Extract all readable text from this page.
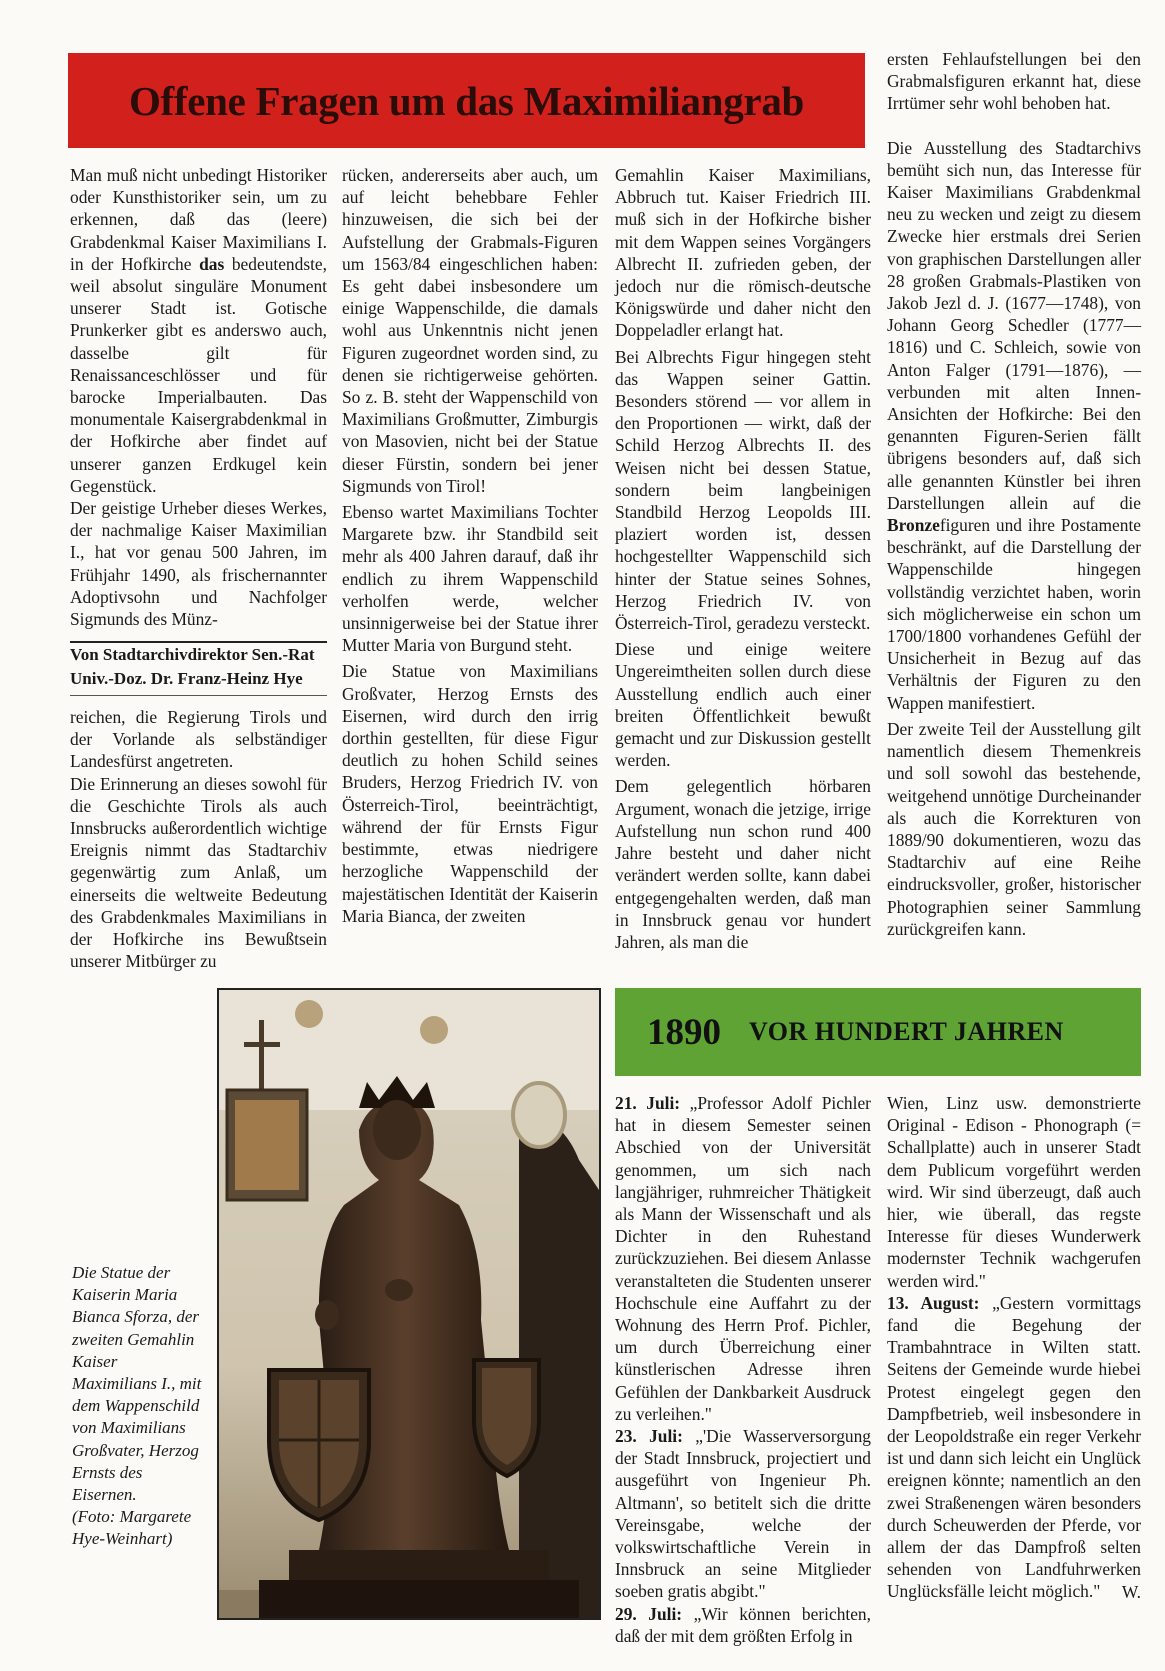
Offene Fragen um das Maximiliangrab

Man muß nicht unbedingt Historiker oder Kunsthistoriker sein, um zu erkennen, daß das (leere) Grabdenkmal Kaiser Maximilians I. in der Hofkirche das bedeutendste, weil absolut singuläre Monument unserer Stadt ist. Gotische Prunkerker gibt es anderswo auch, dasselbe gilt für Renaissanceschlösser und für barocke Imperialbauten. Das monumentale Kaisergrabdenkmal in der Hofkirche aber findet auf unserer ganzen Erdkugel kein Gegenstück.

Der geistige Urheber dieses Werkes, der nachmalige Kaiser Maximilian I., hat vor genau 500 Jahren, im Frühjahr 1490, als frischernannter Adoptivsohn und Nachfolger Sigmunds des Münz-

Von Stadtarchivdirektor Sen.-Rat
Univ.-Doz. Dr. Franz-Heinz Hye

reichen, die Regierung Tirols und der Vorlande als selbständiger Landesfürst angetreten.

Die Erinnerung an dieses sowohl für die Geschichte Tirols als auch Innsbrucks außerordentlich wichtige Ereignis nimmt das Stadtarchiv gegenwärtig zum Anlaß, um einerseits die weltweite Bedeutung des Grabdenkmales Maximilians in der Hofkirche ins Bewußtsein unserer Mitbürger zu

rücken, andererseits aber auch, um auf leicht behebbare Fehler hinzuweisen, die sich bei der Aufstellung der Grabmals-Figuren um 1563/84 eingeschlichen haben: Es geht dabei insbesondere um einige Wappenschilde, die damals wohl aus Unkenntnis nicht jenen Figuren zugeordnet worden sind, zu denen sie richtigerweise gehörten. So z. B. steht der Wappenschild von Maximilians Großmutter, Zimburgis von Masovien, nicht bei der Statue dieser Fürstin, sondern bei jener Sigmunds von Tirol!

Ebenso wartet Maximilians Tochter Margarete bzw. ihr Standbild seit mehr als 400 Jahren darauf, daß ihr endlich zu ihrem Wappenschild verholfen werde, welcher unsinnigerweise bei der Statue ihrer Mutter Maria von Burgund steht.

Die Statue von Maximilians Großvater, Herzog Ernsts des Eisernen, wird durch den irrig dorthin gestellten, für diese Figur deutlich zu hohen Schild seines Bruders, Herzog Friedrich IV. von Österreich-Tirol, beeinträchtigt, während der für Ernsts Figur bestimmte, etwas niedrigere herzogliche Wappenschild der majestätischen Identität der Kaiserin Maria Bianca, der zweiten

Gemahlin Kaiser Maximilians, Abbruch tut. Kaiser Friedrich III. muß sich in der Hofkirche bisher mit dem Wappen seines Vorgängers Albrecht II. zufrieden geben, der jedoch nur die römisch-deutsche Königswürde und daher nicht den Doppeladler erlangt hat.

Bei Albrechts Figur hingegen steht das Wappen seiner Gattin. Besonders störend — vor allem in den Proportionen — wirkt, daß der Schild Herzog Albrechts II. des Weisen nicht bei dessen Statue, sondern beim langbeinigen Standbild Herzog Leopolds III. plaziert worden ist, dessen hochgestellter Wappenschild sich hinter der Statue seines Sohnes, Herzog Friedrich IV. von Österreich-Tirol, geradezu versteckt.

Diese und einige weitere Ungereimtheiten sollen durch diese Ausstellung endlich auch einer breiten Öffentlichkeit bewußt gemacht und zur Diskussion gestellt werden.

Dem gelegentlich hörbaren Argument, wonach die jetzige, irrige Aufstellung nun schon rund 400 Jahre besteht und daher nicht verändert werden sollte, kann dabei entgegengehalten werden, daß man in Innsbruck genau vor hundert Jahren, als man die

ersten Fehlaufstellungen bei den Grabmalsfiguren erkannt hat, diese Irrtümer sehr wohl behoben hat.

Die Ausstellung des Stadtarchivs bemüht sich nun, das Interesse für Kaiser Maximilians Grabdenkmal neu zu wecken und zeigt zu diesem Zwecke hier erstmals drei Serien von graphischen Darstellungen aller 28 großen Grabmals-Plastiken von Jakob Jezl d. J. (1677—1748), von Johann Georg Schedler (1777—1816) und C. Schleich, sowie von Anton Falger (1791—1876), — verbunden mit alten Innen-Ansichten der Hofkirche: Bei den genannten Figuren-Serien fällt übrigens besonders auf, daß sich alle genannten Künstler bei ihren Darstellungen allein auf die Bronzefiguren und ihre Postamente beschränkt, auf die Darstellung der Wappenschilde hingegen vollständig verzichtet haben, worin sich möglicherweise ein schon um 1700/1800 vorhandenes Gefühl der Unsicherheit in Bezug auf das Verhältnis der Figuren zu den Wappen manifestiert.

Der zweite Teil der Ausstellung gilt namentlich diesem Themenkreis und soll sowohl das bestehende, weitgehend unnötige Durcheinander als auch die Korrekturen von 1889/90 dokumentieren, wozu das Stadtarchiv auf eine Reihe eindrucksvoller, großer, historischer Photographien seiner Sammlung zurückgreifen kann.

Die Statue der Kaiserin Maria Bianca Sforza, der zweiten Gemahlin Kaiser Maximilians I., mit dem Wappenschild von Maximilians Großvater, Herzog Ernsts des Eisernen.
(Foto: Margarete Hye-Weinhart)
1890 VOR HUNDERT JAHREN

21. Juli: „Professor Adolf Pichler hat in diesem Semester seinen Abschied von der Universität genommen, um sich nach langjähriger, ruhmreicher Thätigkeit als Mann der Wissenschaft und als Dichter in den Ruhestand zurückzuziehen. Bei diesem Anlasse veranstalteten die Studenten unserer Hochschule eine Auffahrt zu der Wohnung des Herrn Prof. Pichler, um durch Überreichung einer künstlerischen Adresse ihren Gefühlen der Dankbarkeit Ausdruck zu verleihen."

23. Juli: „'Die Wasserversorgung der Stadt Innsbruck, projectiert und ausgeführt von Ingenieur Ph. Altmann', so betitelt sich die dritte Vereinsgabe, welche der volkswirtschaftliche Verein in Innsbruck an seine Mitglieder soeben gratis abgibt."

29. Juli: „Wir können berichten, daß der mit dem größten Erfolg in

Wien, Linz usw. demonstrierte Original - Edison - Phonograph (= Schallplatte) auch in unserer Stadt dem Publicum vorgeführt werden wird. Wir sind überzeugt, daß auch hier, wie überall, das regste Interesse für dieses Wunderwerk modernster Technik wachgerufen werden wird."

13. August: „Gestern vormittags fand die Begehung der Trambahntrace in Wilten statt. Seitens der Gemeinde wurde hiebei Protest eingelegt gegen den Dampfbetrieb, weil insbesondere in der Leopoldstraße ein reger Verkehr ist und dann sich leicht ein Unglück ereignen könnte; namentlich an den zwei Straßenengen wären besonders durch Scheuwerden der Pferde, vor allem der das Dampfroß selten sehenden von Landfuhrwerken Unglücksfälle leicht möglich."	W.
